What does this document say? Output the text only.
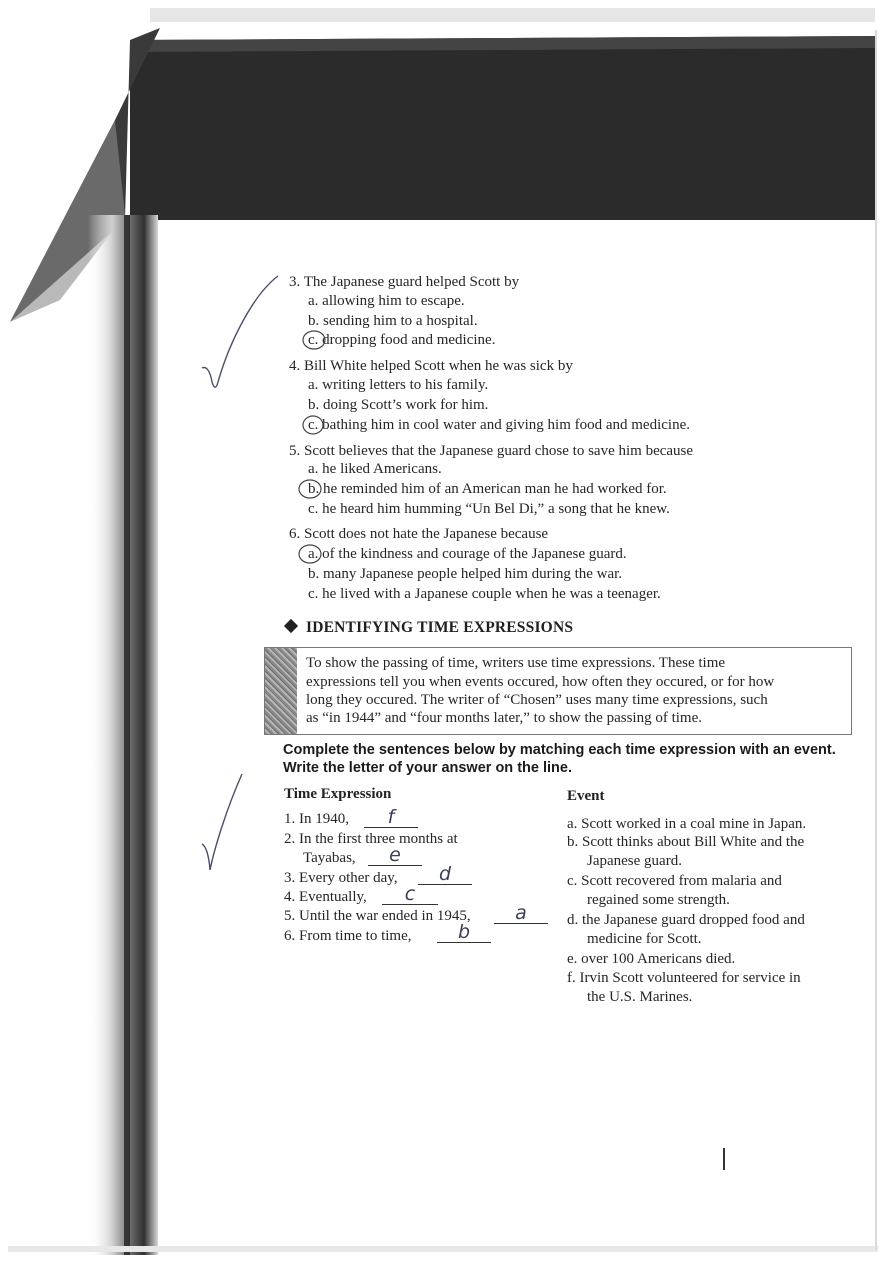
3. The Japanese guard helped Scott by
a. allowing him to escape.
b. sending him to a hospital.
c. dropping food and medicine.
4. Bill White helped Scott when he was sick by
a. writing letters to his family.
b. doing Scott’s work for him.
c. bathing him in cool water and giving him food and medicine.
5. Scott believes that the Japanese guard chose to save him because
a. he liked Americans.
b. he reminded him of an American man he had worked for.
c. he heard him humming “Un Bel Di,” a song that he knew.
6. Scott does not hate the Japanese because
a. of the kindness and courage of the Japanese guard.
b. many Japanese people helped him during the war.
c. he lived with a Japanese couple when he was a teenager.
IDENTIFYING TIME EXPRESSIONS
To show the passing of time, writers use time expressions. These time
expressions tell you when events occured, how often they occured, or for how
long they occured. The writer of “Chosen” uses many time expressions, such
as “in 1944” and “four months later,” to show the passing of time.
Complete the sentences below by matching each time expression with an event.
Write the letter of your answer on the line.
Time Expression	Event
1. In 1940,	f
2. In the first three months at
Tayabas,	e
3. Every other day,	d
4. Eventually,	c
5. Until the war ended in 1945,	a
6. From time to time,	b
a. Scott worked in a coal mine in Japan.
b. Scott thinks about Bill White and the
Japanese guard.
c. Scott recovered from malaria and
regained some strength.
d. the Japanese guard dropped food and
medicine for Scott.
e. over 100 Americans died.
f. Irvin Scott volunteered for service in
the U.S. Marines.
